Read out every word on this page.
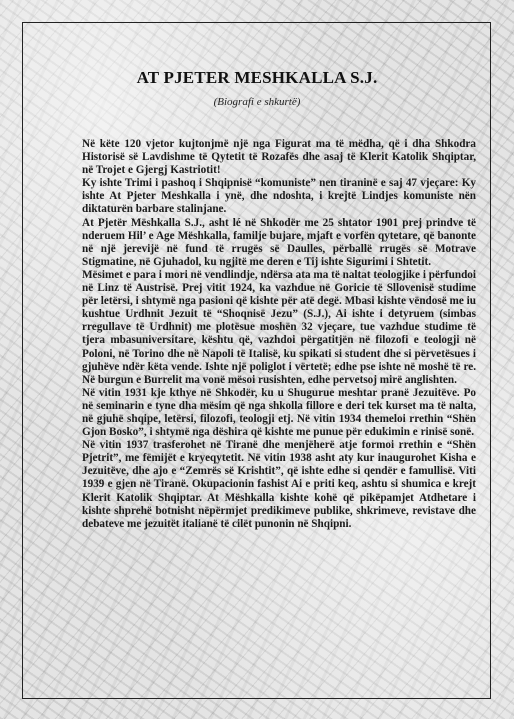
AT PJETER MESHKALLA S.J.
(Biografi e shkurtë)

Në këte 120 vjetor kujtonjmë një nga Figurat ma të mëdha, që i dha Shkodra Historisë së Lavdishme të Qytetit të Rozafës dhe asaj të Klerit Katolik Shqiptar, në Trojet e Gjergj Kastriotit!

Ky ishte Trimi i pashoq i Shqipnisë “komuniste” nen tiraninë e saj 47 vjeçare: Ky ishte At Pjeter Meshkalla i ynë, dhe ndoshta, i krejtë Lindjes komuniste nën diktaturën barbare stalinjane.

At Pjetër Mëshkalla S.J., asht lé në Shkodër me 25 shtator 1901 prej prindve të nderuem Hil’ e Age Mëshkalla, familje bujare, mjaft e vorfën qytetare, që banonte në një jereviјë në fund të rrugës së Daulles, përballë rrugës së Motrave Stigmatine, në Gjuhadol, ku ngjitë me deren e Tij ishte Sigurimi i Shtetit.

Mësimet e para i mori në vendlindje, ndërsa ata ma të naltat teologjike i përfundoi në Linz të Austrisë. Prej vitit 1924, ka vazhdue në Goricie të Sllovenisë studime për letërsi, i shtymë nga pasioni që kishte për atë degë. Mbasi kishte vëndosë me iu kushtue Urdhnit Jezuit të “Shoqnisë Jezu” (S.J.), Ai ishte i detyruem (simbas rregullave të Urdhnit) me plotësue moshën 32 vjeçare, tue vazhdue studime të tjera mbasuniversitare, kështu që, vazhdoi përgatitjën në filozofi e teologji në Poloni, në Torino dhe në Napoli të Italisë, ku spikati si student dhe si përvetësues i gjuhëve ndër këta vende. Ishte një poliglot i vërtetë; edhe pse ishte në moshë të re. Në burgun e Burrelit ma vonë mësoi rusishten, edhe pervetsoj mirë anglishten.

Në vitin 1931 kje kthye në Shkodër, ku u Shugurue meshtar pranë Jezuitëve. Po në seminarin e tyne dha mësim që nga shkolla fillore e deri tek kurset ma të nalta, në gjuhë shqipe, letërsi, filozofi, teologji etj. Në vitin 1934 themeloi rrethin “Shën Gjon Bosko”, i shtymë nga dëshira që kishte me punue për edukimin e rinisë sonë.

Në vitin 1937 trasferohet në Tiranë dhe menjëherë atje formoi rrethin e “Shën Pjetrit”, me fëmijët e kryeqytetit. Në vitin 1938 asht aty kur inaugurohet Kisha e Jezuitëve, dhe ajo e “Zemrës së Krishtit”, që ishte edhe si qendër e famullisë. Viti 1939 e gjen në Tiranë. Okupacionin fashist Ai e priti keq, ashtu si shumica e krejt Klerit Katolik Shqiptar. At Mëshkalla kishte kohë që pikëpamjet Atdhetare i kishte shprehë botnisht nëpërmjet predikimeve publike, shkrimeve, revistave dhe debateve me jezuitët italianë të cilët punonin në Shqipni.
